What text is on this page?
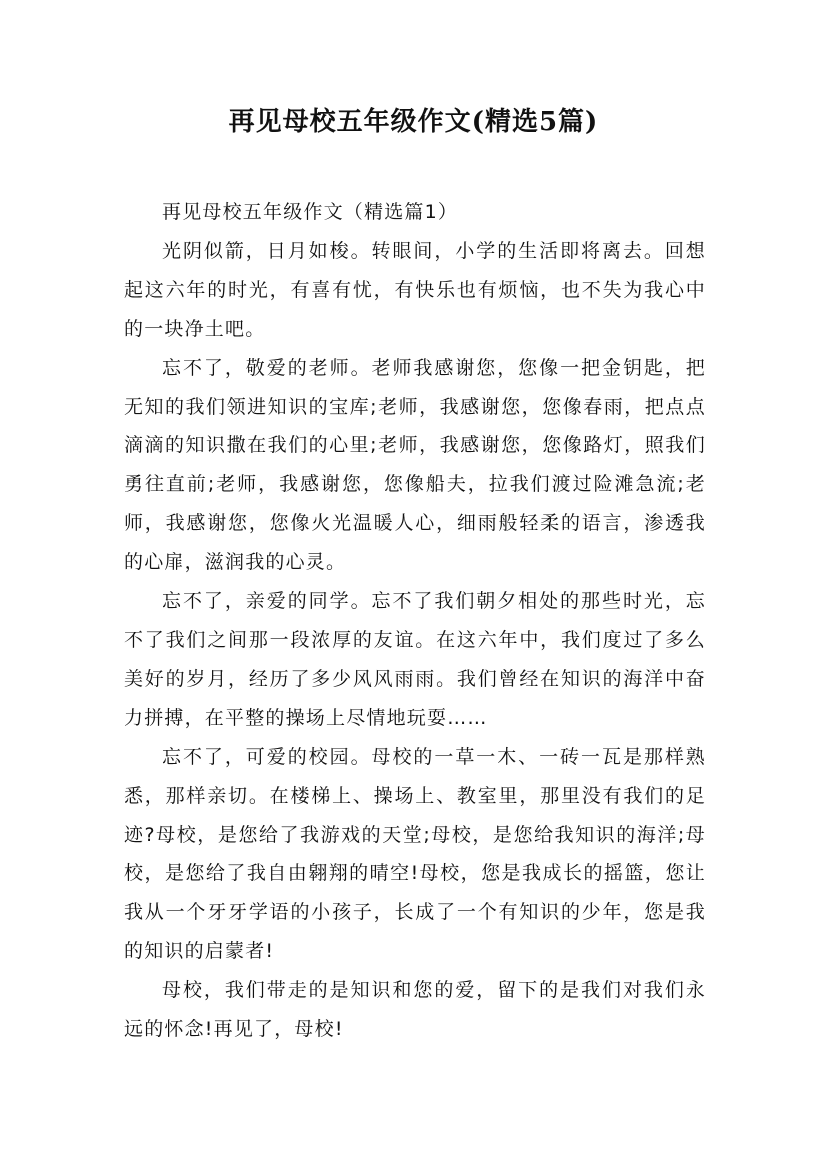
再见母校五年级作文(精选5篇)

再见母校五年级作文（精选篇1）

光阴似箭，日月如梭。转眼间，小学的生活即将离去。回想起这六年的时光，有喜有忧，有快乐也有烦恼，也不失为我心中的一块净土吧。

忘不了，敬爱的老师。老师我感谢您，您像一把金钥匙，把无知的我们领进知识的宝库;老师，我感谢您，您像春雨，把点点滴滴的知识撒在我们的心里;老师，我感谢您，您像路灯，照我们勇往直前;老师，我感谢您，您像船夫，拉我们渡过险滩急流;老师，我感谢您，您像火光温暖人心，细雨般轻柔的语言，渗透我的心扉，滋润我的心灵。

忘不了，亲爱的同学。忘不了我们朝夕相处的那些时光，忘不了我们之间那一段浓厚的友谊。在这六年中，我们度过了多么美好的岁月，经历了多少风风雨雨。我们曾经在知识的海洋中奋力拼搏，在平整的操场上尽情地玩耍……

忘不了，可爱的校园。母校的一草一木、一砖一瓦是那样熟悉，那样亲切。在楼梯上、操场上、教室里，那里没有我们的足迹?母校，是您给了我游戏的天堂;母校，是您给我知识的海洋;母校，是您给了我自由翱翔的晴空!母校，您是我成长的摇篮，您让我从一个牙牙学语的小孩子，长成了一个有知识的少年，您是我的知识的启蒙者!

母校，我们带走的是知识和您的爱，留下的是我们对我们永远的怀念!再见了，母校!
